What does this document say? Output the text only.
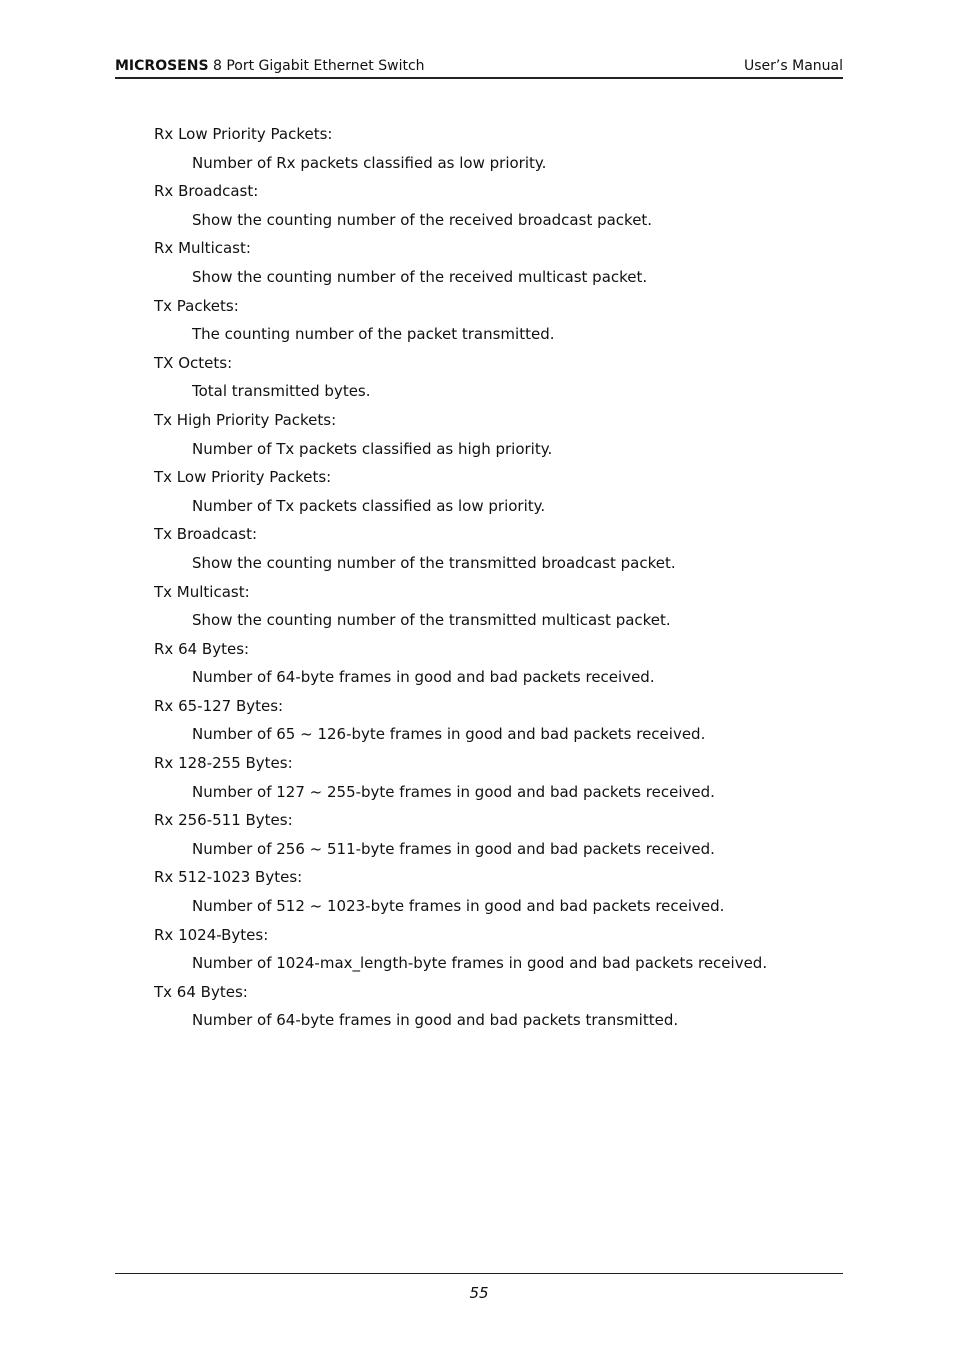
MICROSENS 8 Port Gigabit Ethernet Switch	User’s Manual
Rx Low Priority Packets:
Number of Rx packets classified as low priority.
Rx Broadcast:
Show the counting number of the received broadcast packet.
Rx Multicast:
Show the counting number of the received multicast packet.
Tx Packets:
The counting number of the packet transmitted.
TX Octets:
Total transmitted bytes.
Tx High Priority Packets:
Number of Tx packets classified as high priority.
Tx Low Priority Packets:
Number of Tx packets classified as low priority.
Tx Broadcast:
Show the counting number of the transmitted broadcast packet.
Tx Multicast:
Show the counting number of the transmitted multicast packet.
Rx 64 Bytes:
Number of 64-byte frames in good and bad packets received.
Rx 65-127 Bytes:
Number of 65 ~ 126-byte frames in good and bad packets received.
Rx 128-255 Bytes:
Number of 127 ~ 255-byte frames in good and bad packets received.
Rx 256-511 Bytes:
Number of 256 ~ 511-byte frames in good and bad packets received.
Rx 512-1023 Bytes:
Number of 512 ~ 1023-byte frames in good and bad packets received.
Rx 1024-Bytes:
Number of 1024-max_length-byte frames in good and bad packets received.
Tx 64 Bytes:
Number of 64-byte frames in good and bad packets transmitted.
55
